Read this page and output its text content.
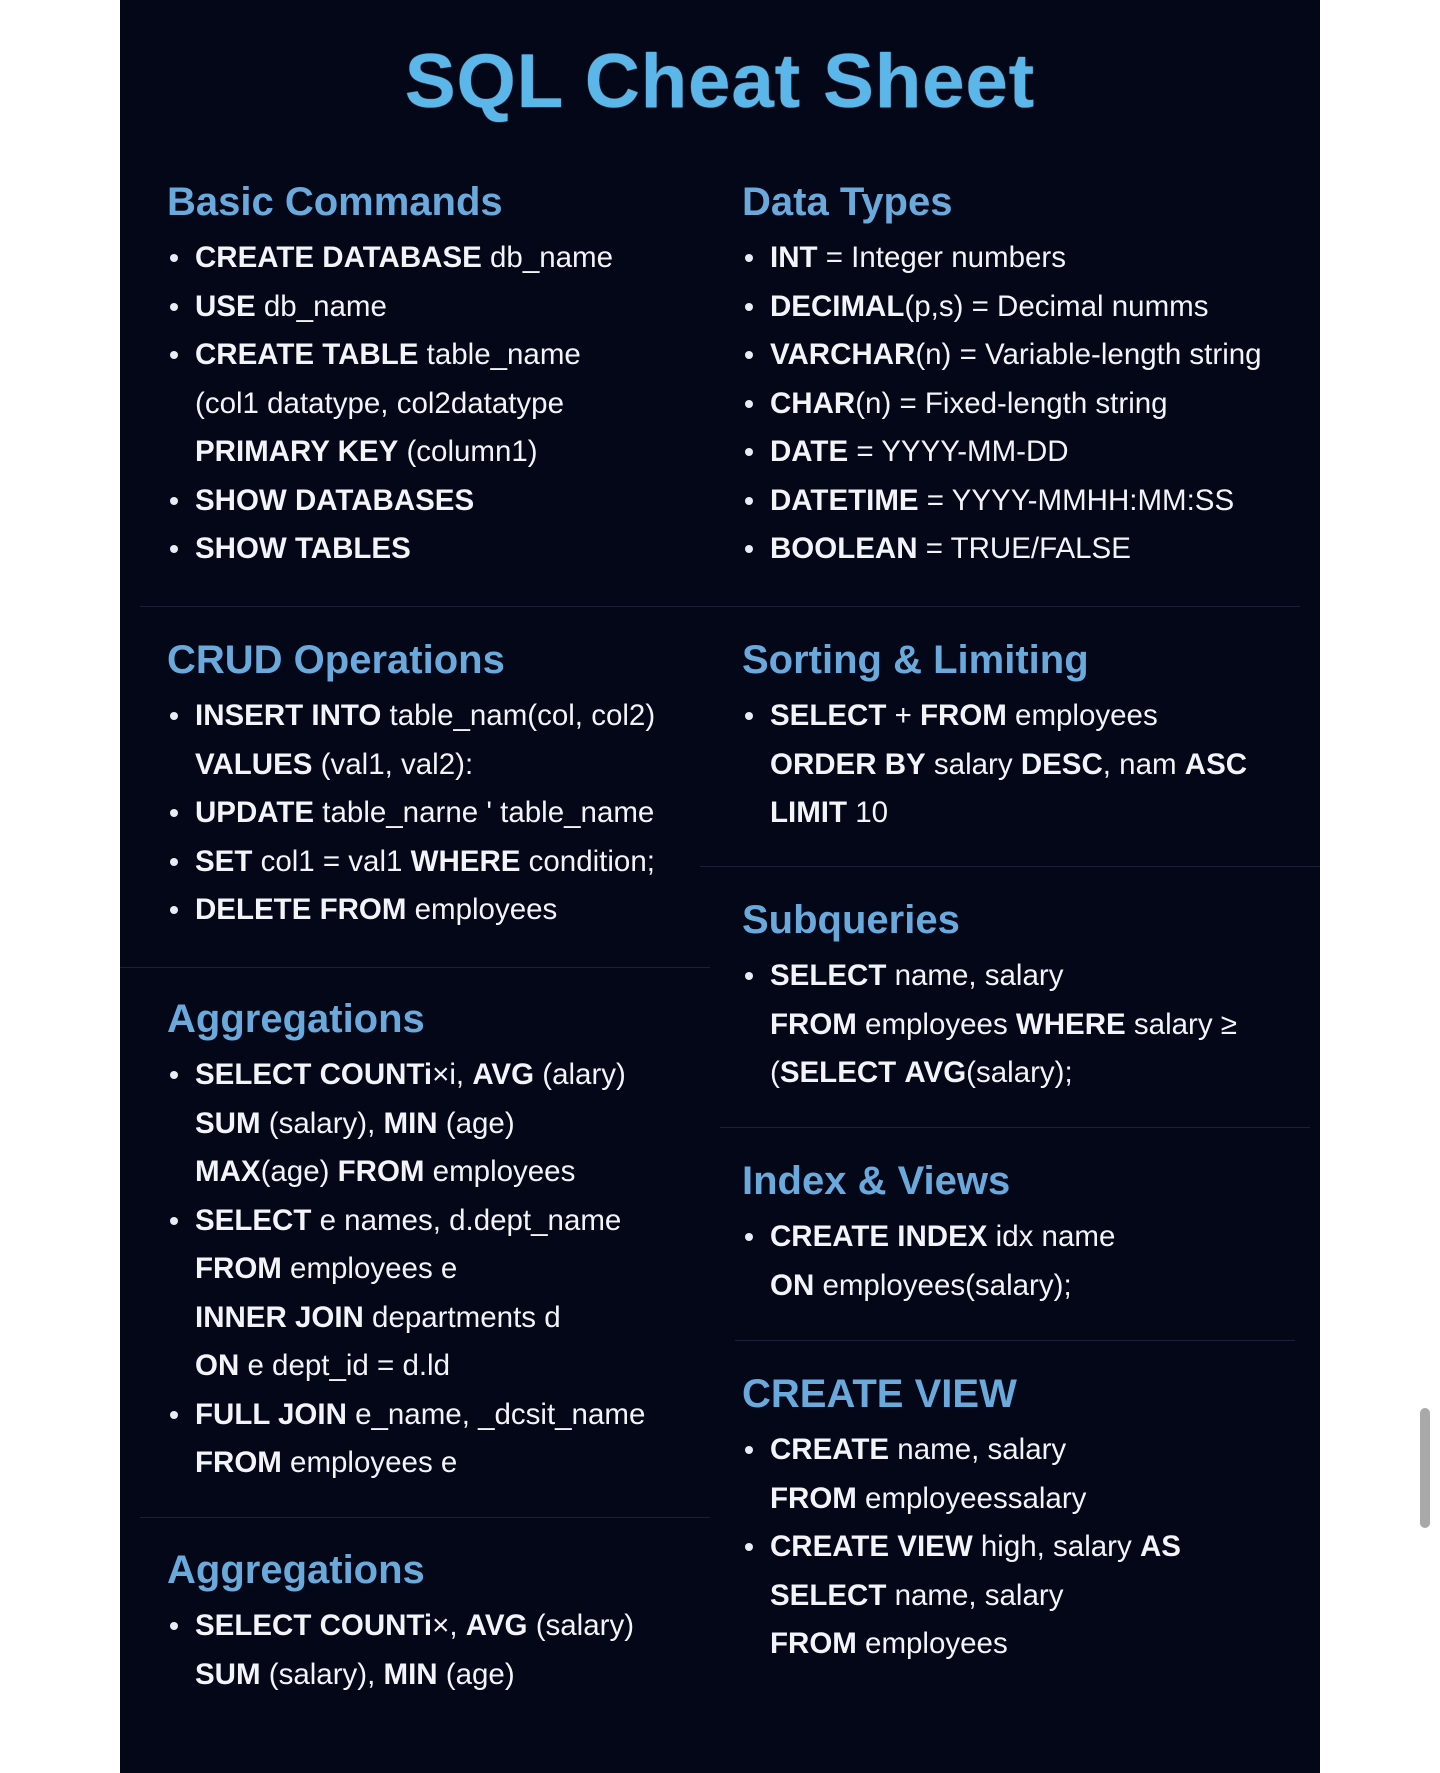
SQL Cheat Sheet
Basic Commands
CREATE DATABASE db_name
USE db_name
CREATE TABLE table_name
(col1 datatype, col2datatype
PRIMARY KEY (column1)
SHOW DATABASES
SHOW TABLES
Data Types
INT = Integer numbers
DECIMAL(p,s) = Decimal numms
VARCHAR(n) = Variable-length string
CHAR(n) = Fixed-length string
DATE = YYYY-MM-DD
DATETIME = YYYY-MMHH:MM:SS
BOOLEAN = TRUE/FALSE
CRUD Operations
INSERT INTO table_nam(col, col2)
VALUES (val1, val2):
UPDATE table_narne ' table_name
SET col1 = val1 WHERE condition;
DELETE FROM employees
Sorting & Limiting
SELECT + FROM employees
ORDER BY salary DESC, nam ASC
LIMIT 10
Subqueries
SELECT name, salary
FROM employees WHERE salary ≥
(SELECT AVG(salary);
Aggregations
SELECT COUNTi×i, AVG (alary)
SUM (salary), MIN (age)
MAX(age) FROM employees
SELECT e names, d.dept_name
FROM employees e
INNER JOIN departments d
ON e dept_id = d.ld
FULL JOIN e_name, _dcsit_name
FROM employees e
Index & Views
CREATE INDEX idx name
ON employees(salary);
CREATE VIEW
CREATE name, salary
FROM employeessalary
CREATE VIEW high, salary AS
SELECT name, salary
FROM employees
Aggregations
SELECT COUNTi×, AVG (salary)
SUM (salary), MIN (age)
